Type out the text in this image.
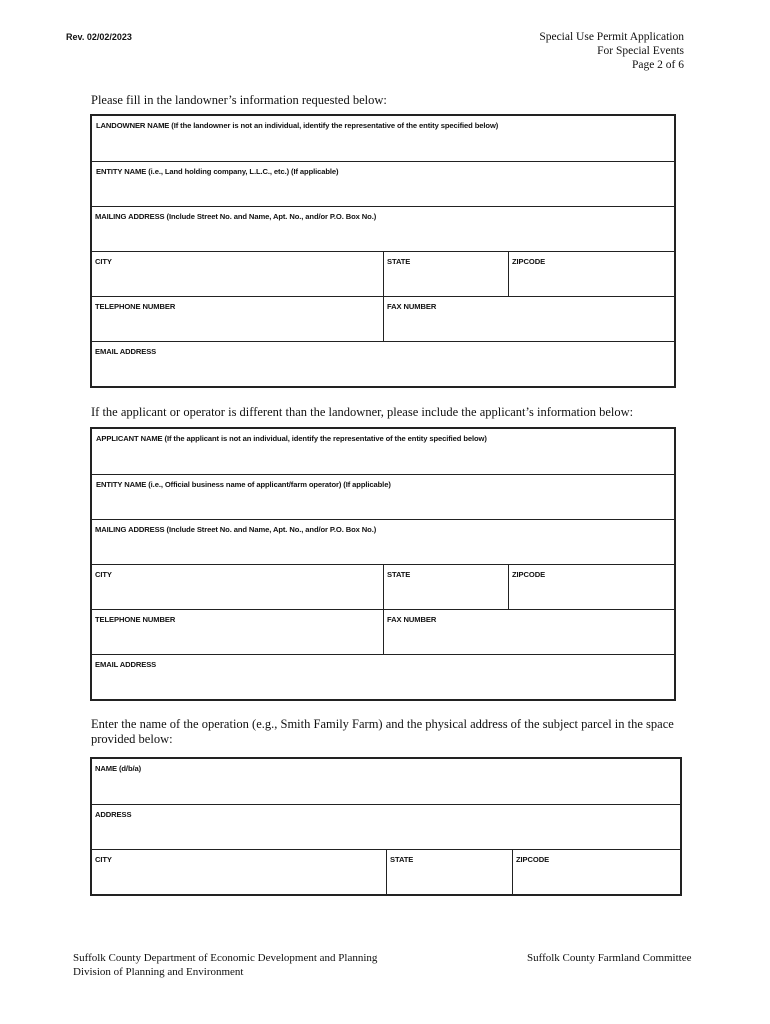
Rev. 02/02/2023	Special Use Permit Application
For Special Events
Page 2 of 6
Please fill in the landowner’s information requested below:
LANDOWNER NAME (If the landowner is not an individual, identify the representative of the entity specified below)
ENTITY NAME (i.e., Land holding company, L.L.C., etc.) (If applicable)
MAILING ADDRESS (Include Street No. and Name, Apt. No., and/or P.O. Box No.)
CITY	STATE	ZIPCODE
TELEPHONE NUMBER	FAX NUMBER
EMAIL ADDRESS
If the applicant or operator is different than the landowner, please include the applicant’s information below:
APPLICANT NAME (If the applicant is not an individual, identify the representative of the entity specified below)
ENTITY NAME (i.e., Official business name of applicant/farm operator) (If applicable)
MAILING ADDRESS (Include Street No. and Name, Apt. No., and/or P.O. Box No.)
CITY	STATE	ZIPCODE
TELEPHONE NUMBER	FAX NUMBER
EMAIL ADDRESS
Enter the name of the operation (e.g., Smith Family Farm) and the physical address of the subject parcel in the space provided below:
NAME (d/b/a)
ADDRESS
CITY	STATE	ZIPCODE
Suffolk County Department of Economic Development and Planning
Division of Planning and Environment
Suffolk County Farmland Committee
